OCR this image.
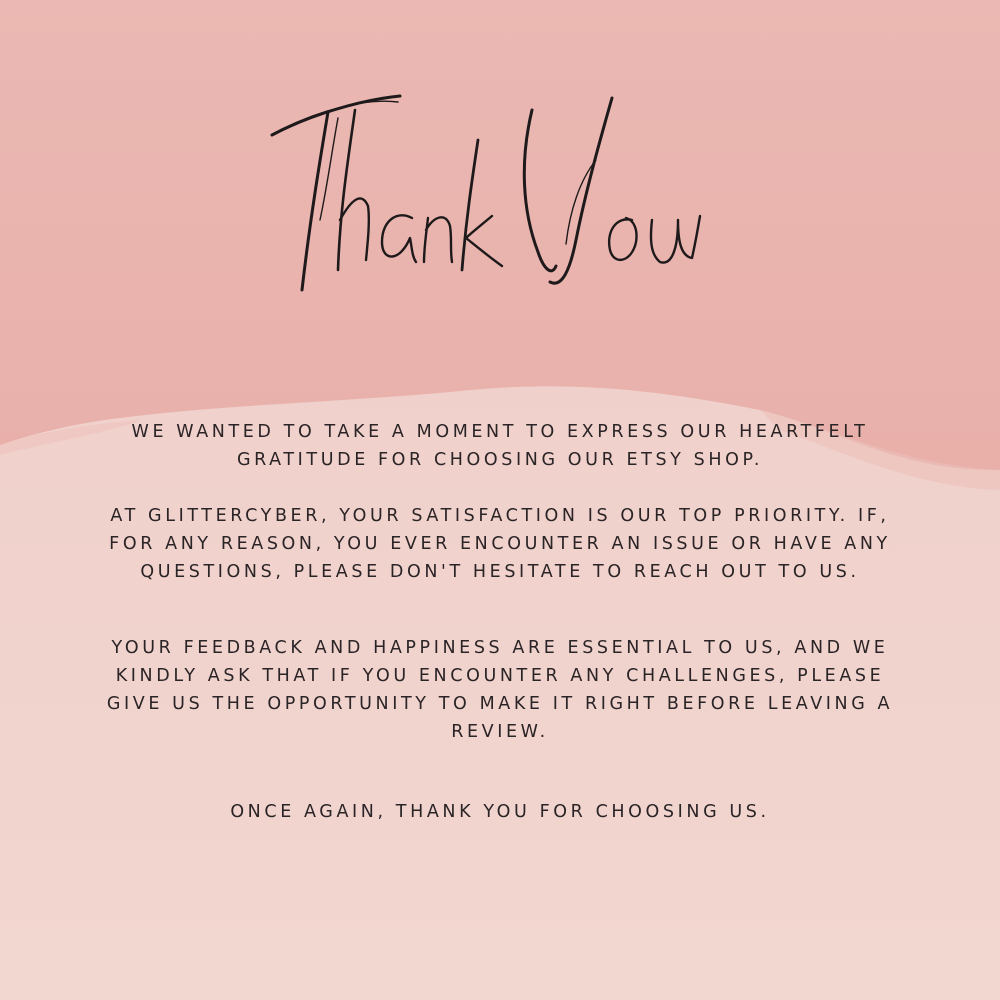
WE WANTED TO TAKE A MOMENT TO EXPRESS OUR HEARTFELT GRATITUDE FOR CHOOSING OUR ETSY SHOP.

AT GLITTERCYBER, YOUR SATISFACTION IS OUR TOP PRIORITY. IF, FOR ANY REASON, YOU EVER ENCOUNTER AN ISSUE OR HAVE ANY QUESTIONS, PLEASE DON'T HESITATE TO REACH OUT TO US.

YOUR FEEDBACK AND HAPPINESS ARE ESSENTIAL TO US, AND WE KINDLY ASK THAT IF YOU ENCOUNTER ANY CHALLENGES, PLEASE GIVE US THE OPPORTUNITY TO MAKE IT RIGHT BEFORE LEAVING A REVIEW.

ONCE AGAIN, THANK YOU FOR CHOOSING US.
